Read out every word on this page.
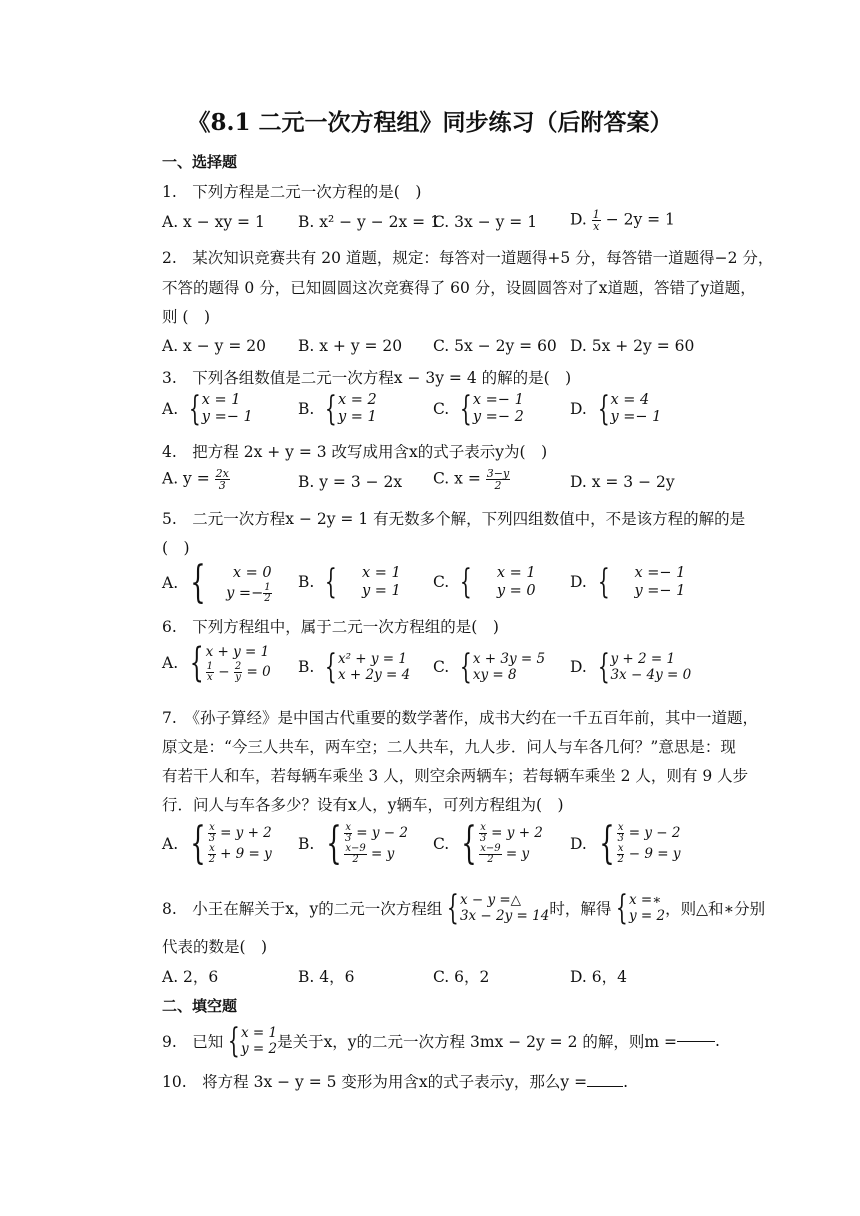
《8.1 二元一次方程组》同步练习（后附答案）
一、选择题
1.　下列方程是二元一次方程的是(　)
A. x − xy = 1 B. x² − y − 2x = 1
C. 3x − y = 1 D. $\frac{1}{x} - 2y = 1$
2.　某次知识竞赛共有 20 道题，规定：每答对一道题得+5 分，每答错一道题得−2 分，
不答的题得 0 分，已知圆圆这次竞赛得了 60 分，设圆圆答对了x道题，答错了y道题，
则 (　)
A. x − y = 20 B. x + y = 20 C. 5x − 2y = 60 D. 5x + 2y = 60
3.　下列各组数值是二元一次方程x − 3y = 4 的解的是(　)
A. { x = 1
y =− 1	B. { x = 2
y = 1	C. { x =− 1
y =− 2	D. { x = 4
y =− 1
4.　把方程 2x + y = 3 改写成用含x的式子表示y为(　)
A. $y = \frac{2x}{3}$	B. y = 3 − 2x C. $x = \frac{3-y}{2}$	D. x = 3 − 2y
5.　二元一次方程x − 2y = 1 有无数多个解，下列四组数值中，不是该方程的解的是
(　)
A. { x = 0
$y =- \frac{1}{2}$
B. { x = 1
y = 1 C. { x = 1
y = 0 D. { x =− 1
y =− 1
6.　下列方程组中，属于二元一次方程组的是(　)
A. { x + y = 1
$\frac{1}{x} - \frac{2}{y} = 0$ B. { x² + y = 1
x + 2y = 4 C. { x + 3y = 5
xy = 8	D. { y + 2 = 1
3x − 4y = 0
7.　《孙子算经》是中国古代重要的数学著作，成书大约在一千五百年前，其中一道题，
原文是：“今三人共车，两车空；二人共车，九人步．问人与车各几何？”意思是：现
有若干人和车，若每辆车乘坐 3 人，则空余两辆车；若每辆车乘坐 2 人，则有 9 人步
行．问人与车各多少？设有x人，y辆车，可列方程组为(　)
A. { $\frac{x}{3} = y + 2$
$\frac{x}{2} + 9 = y$
B. { $\frac{x}{3} = y - 2$
$\frac{x-9}{2} = y$
C. { $\frac{x}{3} = y + 2$
$\frac{x-9}{2} = y$
D. { $\frac{x}{3} = y - 2$
$\frac{x}{2} - 9 = y$
8.　小王在解关于x，y的二元一次方程组 { x − y =△
3x − 2y = 14 时，解得 { x =∗
y = 2 ，则△和∗分别
代表的数是(　)
A. 2，6	B. 4，6	C. 6，2	D. 6，4
二、填空题
9.　已知 { x = 1
y = 2 是关于x，y的二元一次方程 3mx − 2y = 2 的解，则m = .
10.　将方程 3x − y = 5 变形为用含x的式子表示y，那么y = .
